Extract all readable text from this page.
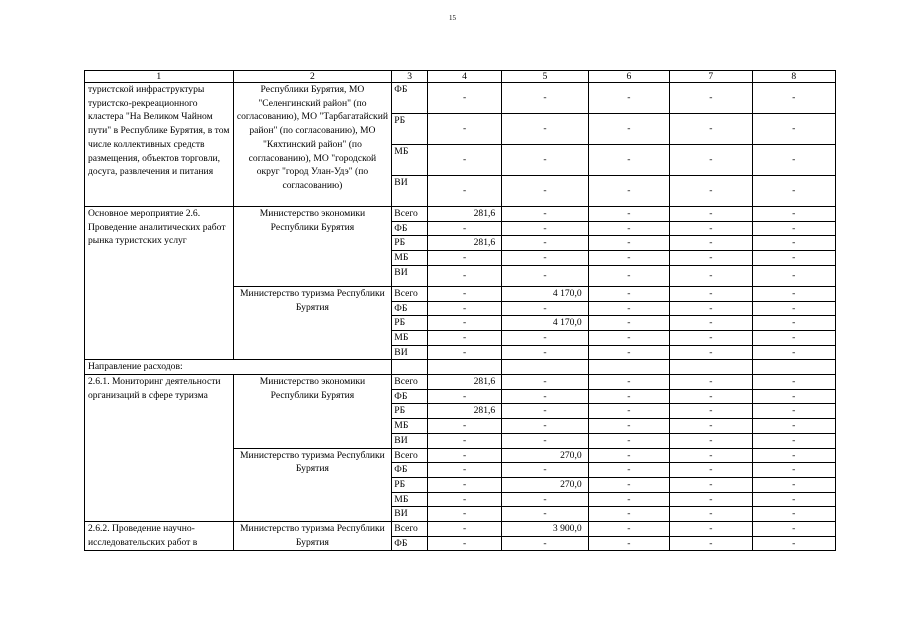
15
1	2	3	4	5	6	7	8
туристской инфраструктуры туристско-рекреационного кластера "На Великом Чайном пути" в Республике Бурятия, в том числе коллективных средств размещения, объектов торговли, досуга, развлечения и питания	Республики Бурятия, МО "Селенгинский район" (по согласованию), МО "Тарбагатайский район" (по согласованию), МО "Кяхтинский район" (по согласованию), МО "городской округ "город Улан-Удэ" (по согласованию)	ФБ	-	-	-	-	-
		РБ	-	-	-	-	-
		МБ	-	-	-	-	-
		ВИ	-	-	-	-	-
Основное мероприятие 2.6. Проведение аналитических работ рынка туристских услуг	Министерство экономики Республики Бурятия	Всего	281,6	-	-	-	-
		ФБ	-	-	-	-	-
		РБ	281,6	-	-	-	-
		МБ	-	-	-	-	-
		ВИ	-	-	-	-	-
	Министерство туризма Республики Бурятия	Всего	-	4 170,0	-	-	-
		ФБ	-	-	-	-	-
		РБ	-	4 170,0	-	-	-
		МБ	-	-	-	-	-
		ВИ	-	-	-	-	-
Направление расходов:							
2.6.1. Мониторинг деятельности организаций в сфере туризма	Министерство экономики Республики Бурятия	Всего	281,6	-	-	-	-
		ФБ	-	-	-	-	-
		РБ	281,6	-	-	-	-
		МБ	-	-	-	-	-
		ВИ	-	-	-	-	-
	Министерство туризма Республики Бурятия	Всего	-	270,0	-	-	-
		ФБ	-	-	-	-	-
		РБ	-	270,0	-	-	-
		МБ	-	-	-	-	-
		ВИ	-	-	-	-	-
2.6.2. Проведение научно-исследовательских работ в	Министерство туризма Республики Бурятия	Всего	-	3 900,0	-	-	-
		ФБ	-	-	-	-	-
